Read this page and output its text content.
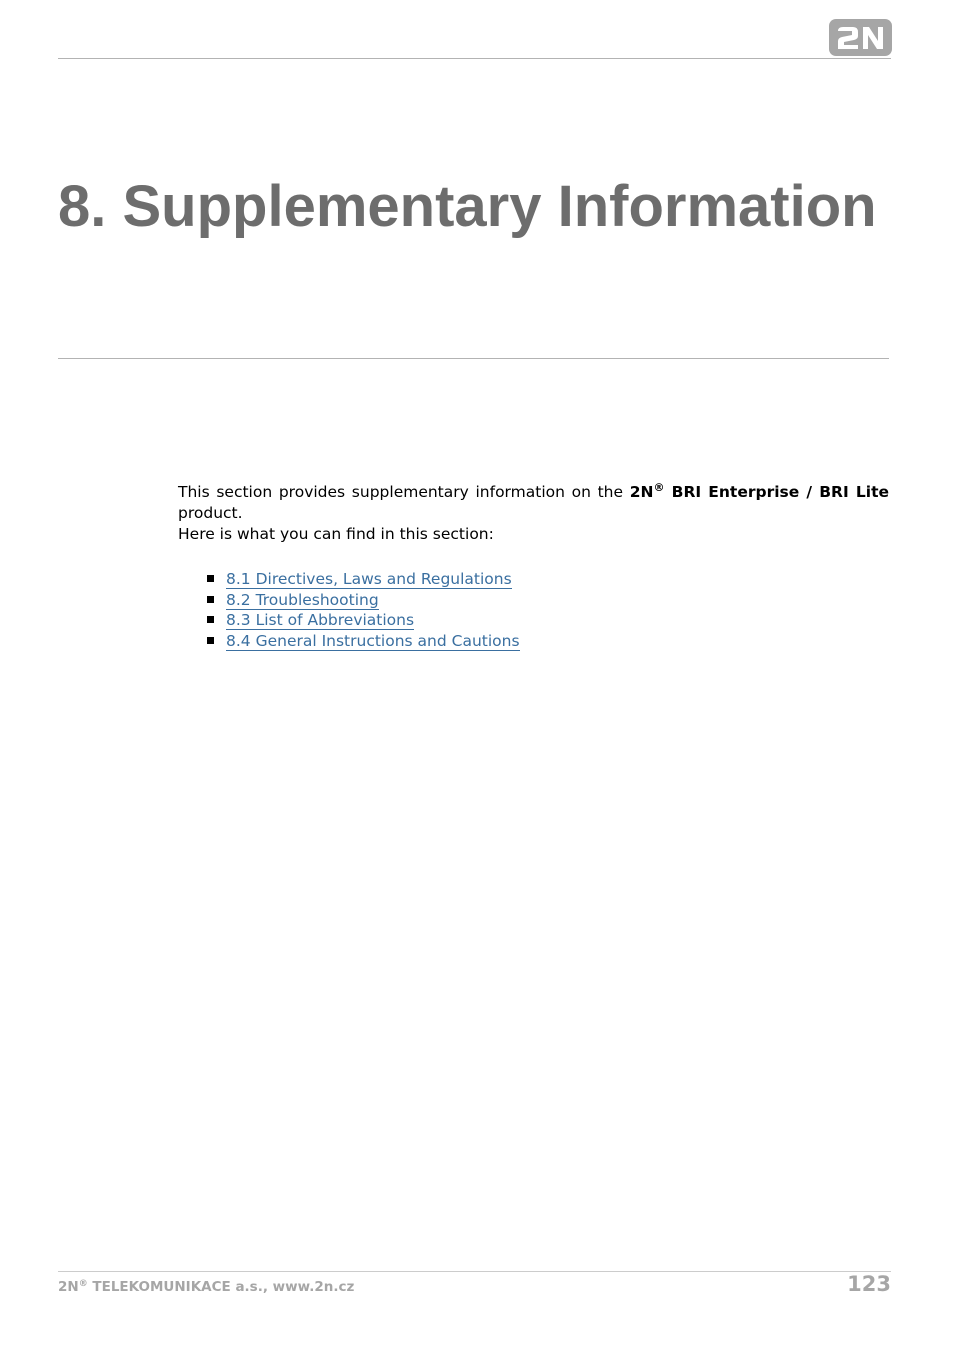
8. Supplementary Information

This section provides supplementary information on the 2N® BRI Enterprise / BRI Lite product.

Here is what you can find in this section:

8.1 Directives, Laws and Regulations
8.2 Troubleshooting
8.3 List of Abbreviations
8.4 General Instructions and Cautions
2N® TELEKOMUNIKACE a.s., www.2n.cz	123
